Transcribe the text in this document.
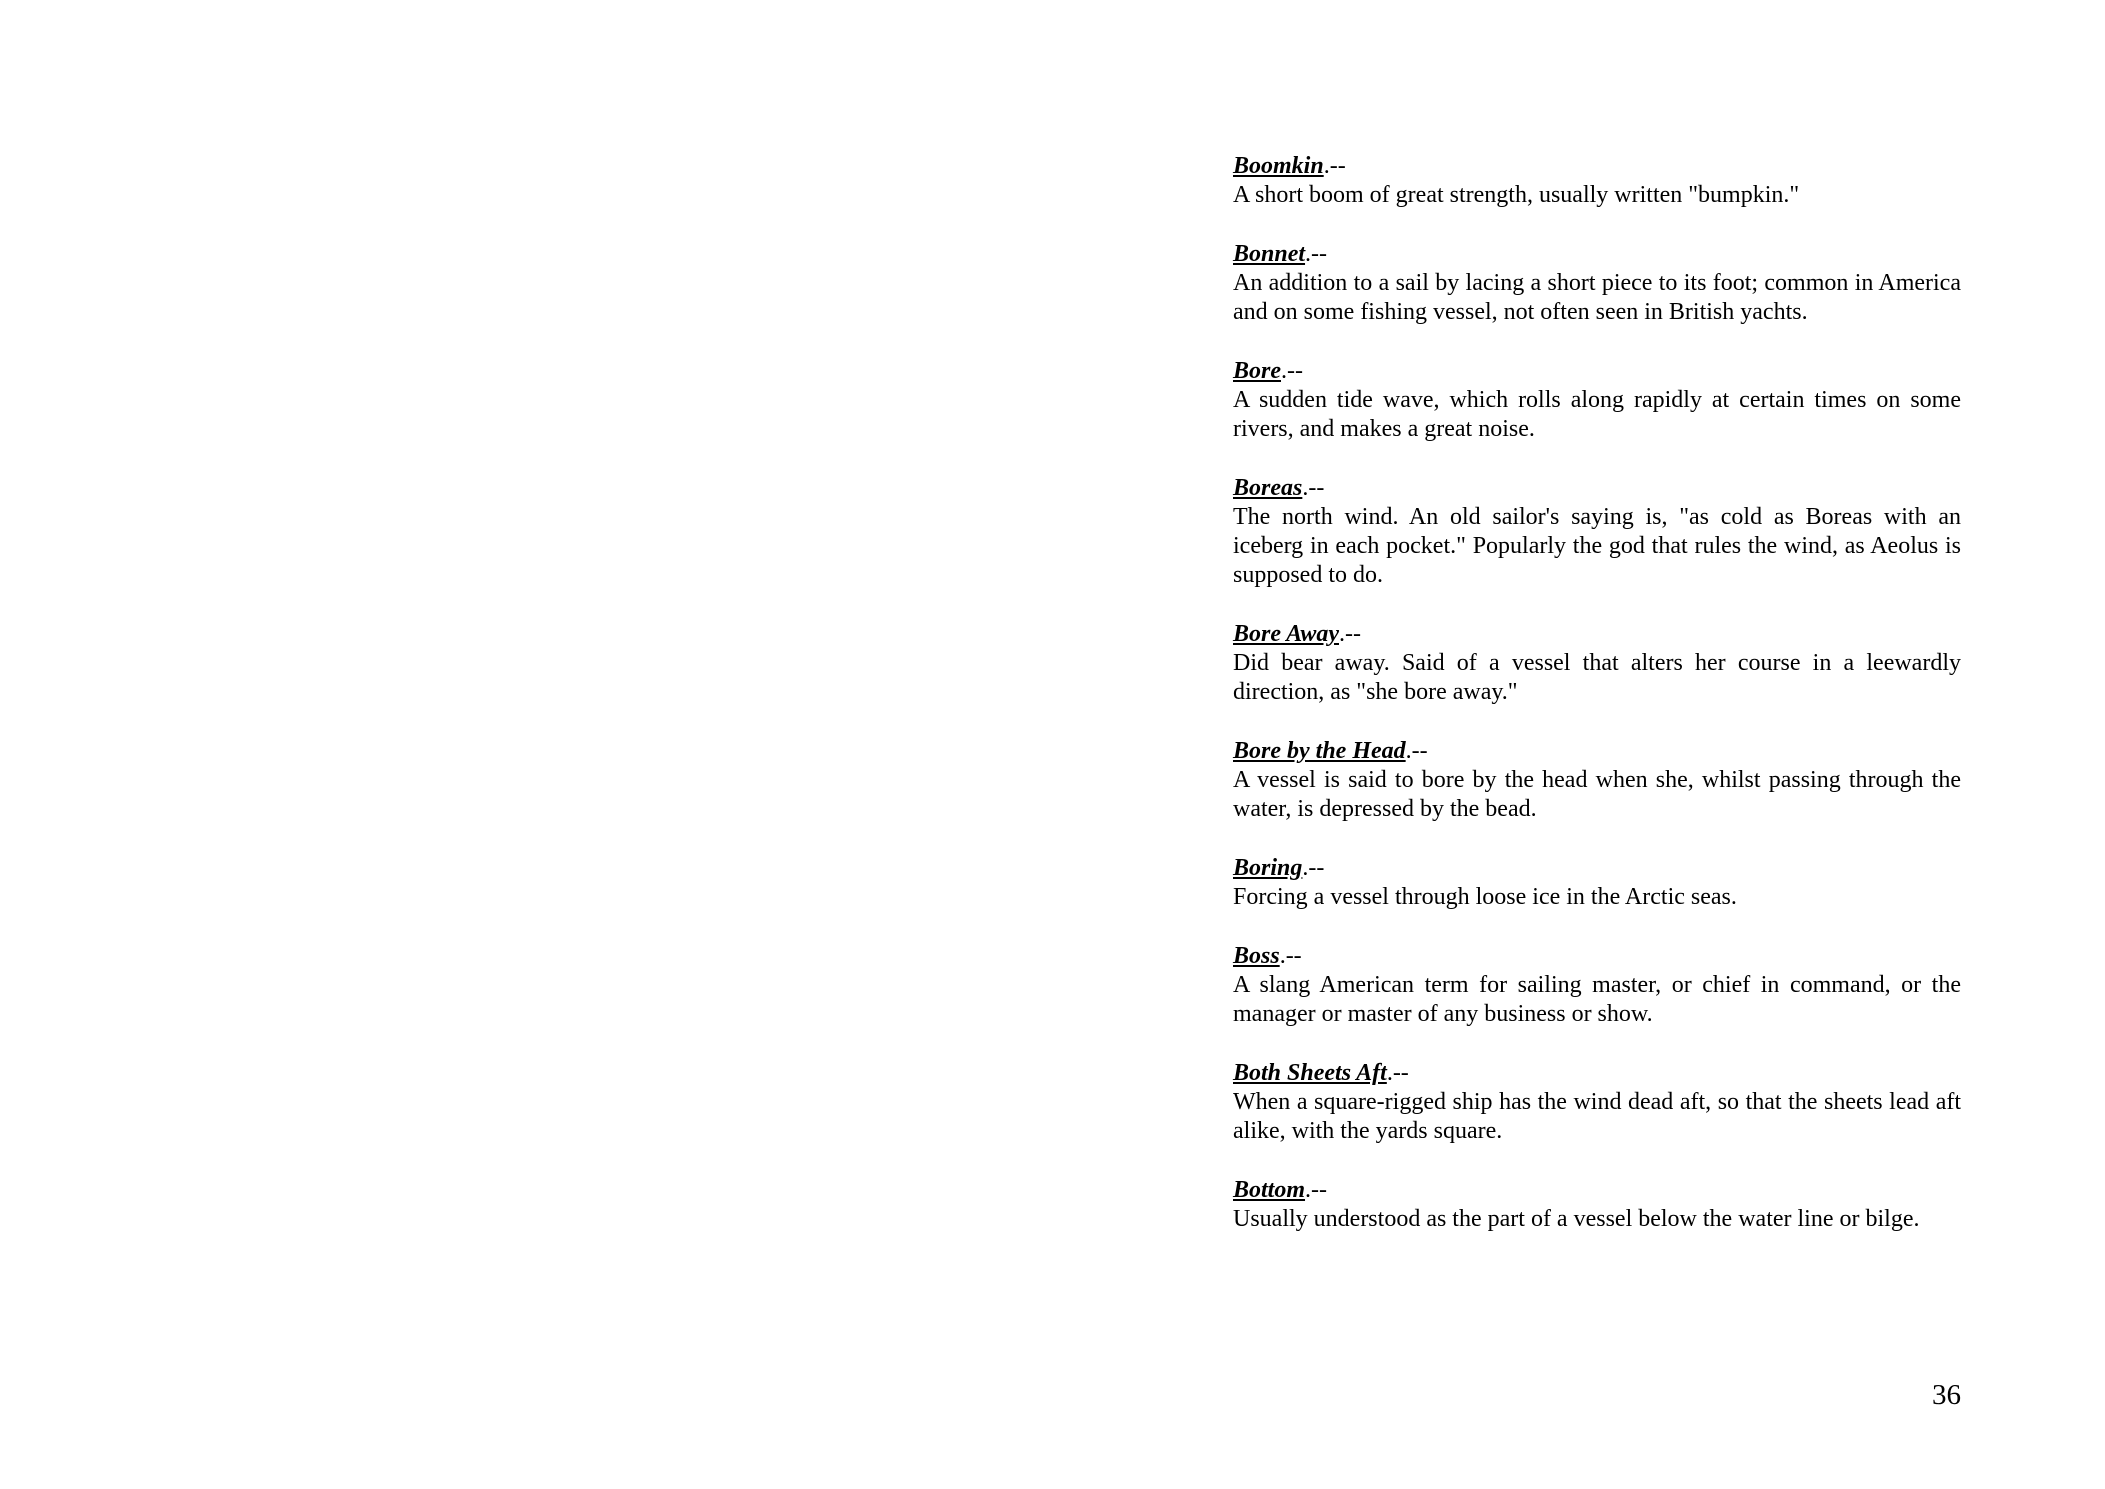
Boomkin.--

A short boom of great strength, usually written "bumpkin."

Bonnet.--

An addition to a sail by lacing a short piece to its foot; common in America and on some fishing vessel, not often seen in British yachts.

Bore.--

A sudden tide wave, which rolls along rapidly at certain times on some rivers, and makes a great noise.

Boreas.--

The north wind. An old sailor's saying is, "as cold as Boreas with an iceberg in each pocket." Popularly the god that rules the wind, as Aeolus is supposed to do.

Bore Away.--

Did bear away. Said of a vessel that alters her course in a leewardly direction, as "she bore away."

Bore by the Head.--

A vessel is said to bore by the head when she, whilst passing through the water, is depressed by the bead.

Boring.--

Forcing a vessel through loose ice in the Arctic seas.

Boss.--

A slang American term for sailing master, or chief in command, or the manager or master of any business or show.

Both Sheets Aft.--

When a square-rigged ship has the wind dead aft, so that the sheets lead aft alike, with the yards square.

Bottom.--

Usually understood as the part of a vessel below the water line or bilge.

36
